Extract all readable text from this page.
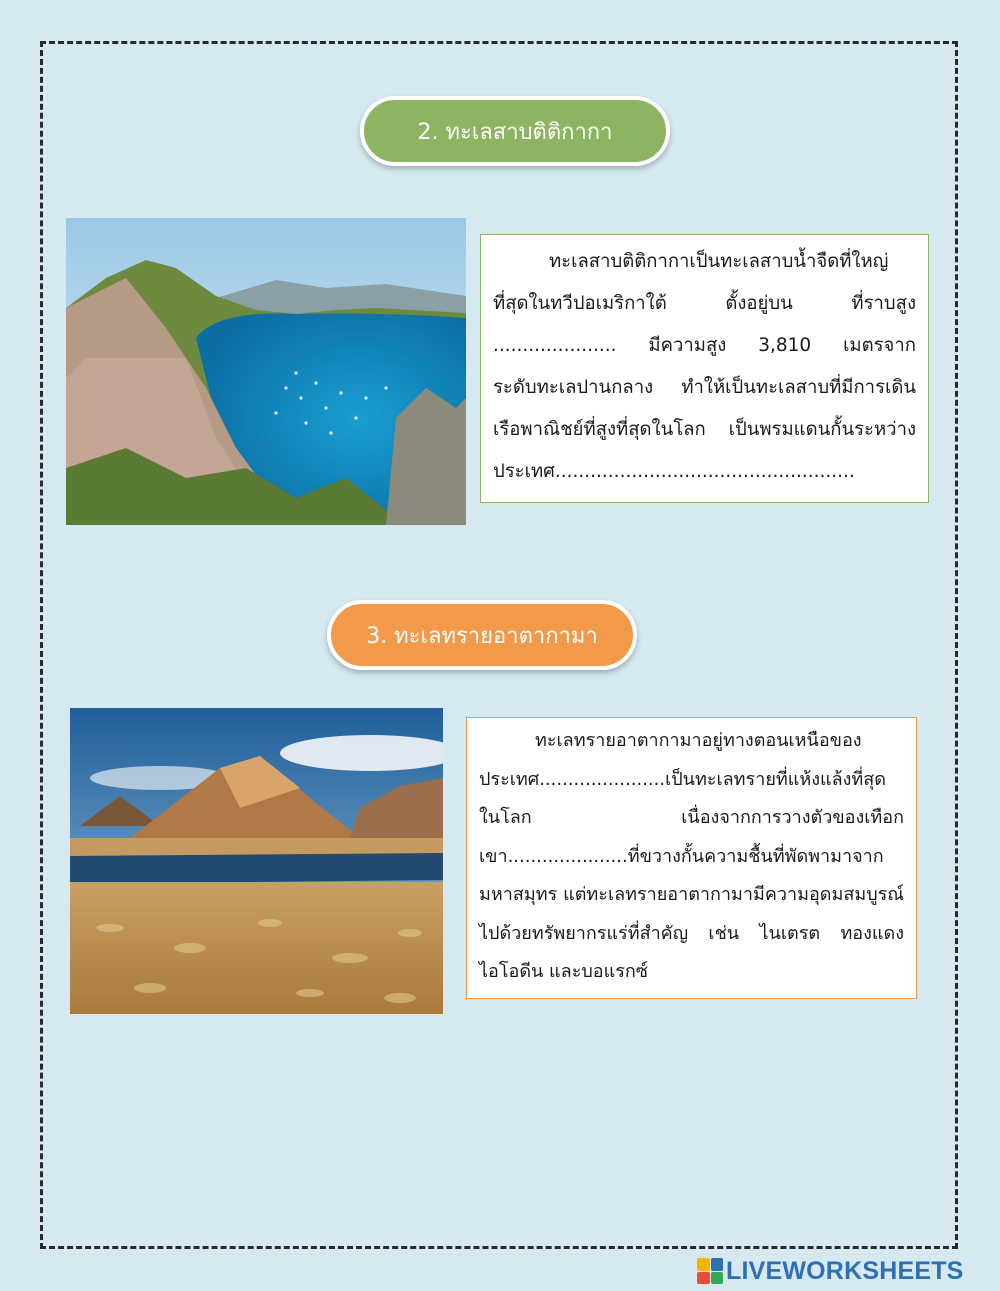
2. ทะเลสาบติติกากา

ทะเลสาบติติกากาเป็นทะเลสาบน้ำจืดที่ใหญ่ที่สุดในทวีปอเมริกาใต้ ตั้งอยู่บน ที่ราบสูง ..................... มีความสูง 3,810 เมตรจากระดับทะเลปานกลาง ทำให้เป็นทะเลสาบที่มีการเดินเรือพาณิชย์ที่สูงที่สุดในโลก เป็นพรมแดนกั้นระหว่างประเทศ...................................................

3. ทะเลทรายอาตากามา

ทะเลทรายอาตากามาอยู่ทางตอนเหนือของประเทศ......................เป็นทะเลทรายที่แห้งแล้งที่สุดในโลก เนื่องจากการวางตัวของเทือกเขา.....................ที่ขวางกั้นความชื้นที่พัดพามาจากมหาสมุทร แต่ทะเลทรายอาตากามามีความอุดมสมบูรณ์ไปด้วยทรัพยากรแร่ที่สำคัญ เช่น ไนเตรต ทองแดง ไอโอดีน และบอแรกซ์

LIVEWORKSHEETS
